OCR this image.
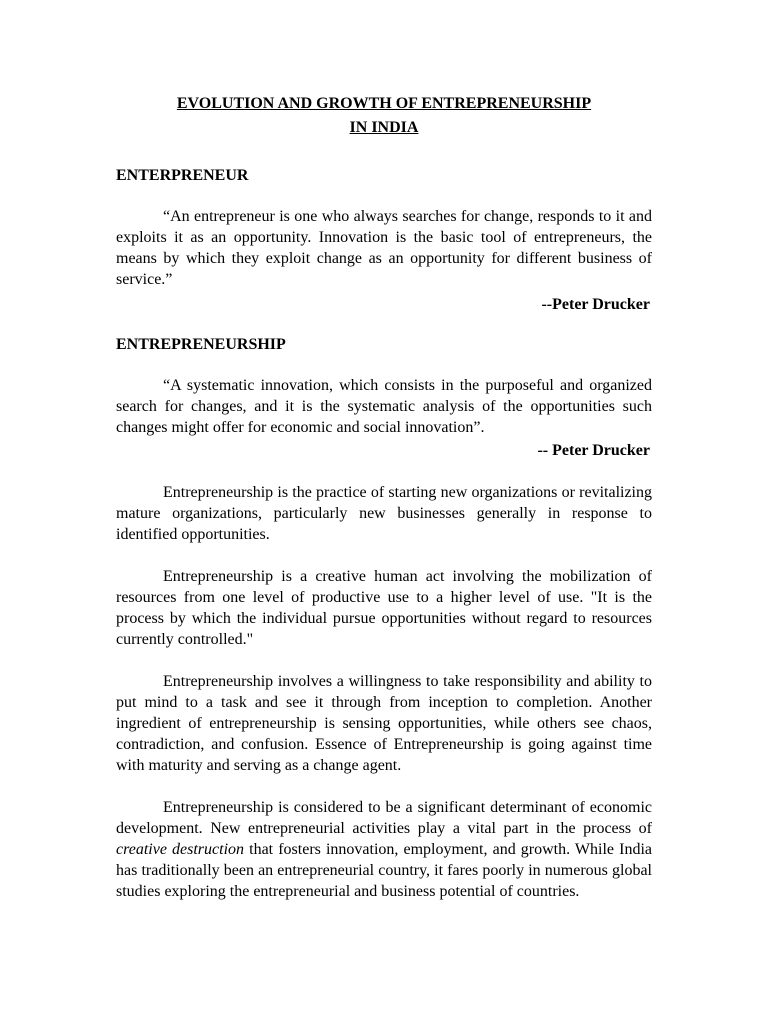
EVOLUTION AND GROWTH OF ENTREPRENEURSHIP
IN INDIA

ENTERPRENEUR

“An entrepreneur is one who always searches for change, responds to it and exploits it as an opportunity. Innovation is the basic tool of entrepreneurs, the means by which they exploit change as an opportunity for different business of service.”

--Peter Drucker

ENTREPRENEURSHIP

“A systematic innovation, which consists in the purposeful and organized search for changes, and it is the systematic analysis of the opportunities such changes might offer for economic and social innovation”.

-- Peter Drucker

Entrepreneurship is the practice of starting new organizations or revitalizing mature organizations, particularly new businesses generally in response to identified opportunities.

Entrepreneurship is a creative human act involving the mobilization of resources from one level of productive use to a higher level of use. "It is the process by which the individual pursue opportunities without regard to resources currently controlled."

Entrepreneurship involves a willingness to take responsibility and ability to put mind to a task and see it through from inception to completion. Another ingredient of entrepreneurship is sensing opportunities, while others see chaos, contradiction, and confusion. Essence of Entrepreneurship is going against time with maturity and serving as a change agent.

Entrepreneurship is considered to be a significant determinant of economic development. New entrepreneurial activities play a vital part in the process of creative destruction that fosters innovation, employment, and growth. While India has traditionally been an entrepreneurial country, it fares poorly in numerous global studies exploring the entrepreneurial and business potential of countries.
